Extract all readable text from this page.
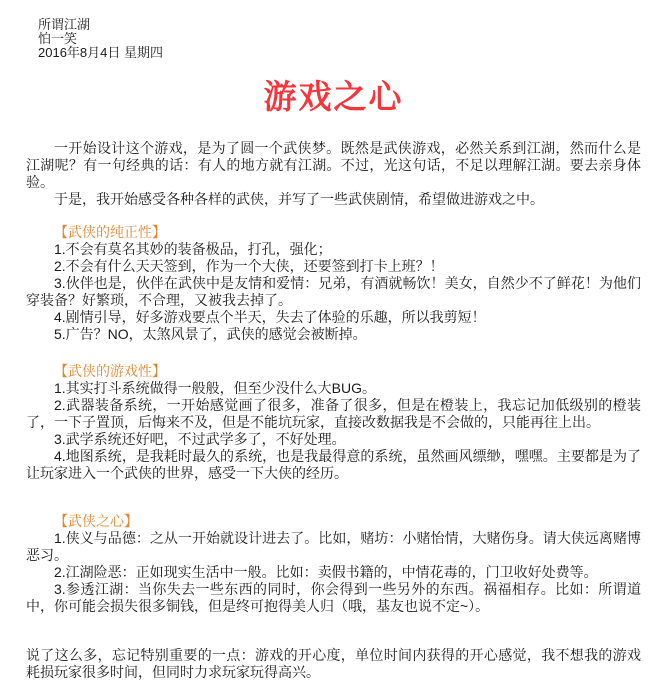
所谓江湖
怕一笑
2016年8月4日 星期四
游戏之心

一开始设计这个游戏，是为了圆一个武侠梦。既然是武侠游戏，必然关系到江湖，然而什么是江湖呢？有一句经典的话：有人的地方就有江湖。不过，光这句话，不足以理解江湖。要去亲身体验。

于是，我开始感受各种各样的武侠，并写了一些武侠剧情，希望做进游戏之中。

【武侠的纯正性】

1.不会有莫名其妙的装备极品，打孔，强化；

2.不会有什么天天签到，作为一个大侠，还要签到打卡上班？！

3.伙伴也是，伙伴在武侠中是友情和爱情：兄弟，有酒就畅饮！美女，自然少不了鲜花！为他们穿装备？好繁琐，不合理，又被我去掉了。

4.剧情引导，好多游戏要点个半天，失去了体验的乐趣，所以我剪短！

5.广告？NO，太煞风景了，武侠的感觉会被断掉。

【武侠的游戏性】

1.其实打斗系统做得一般般，但至少没什么大BUG。

2.武器装备系统，一开始感觉画了很多，准备了很多，但是在橙装上，我忘记加低级别的橙装了，一下子置顶，后悔来不及，但是不能坑玩家，直接改数据我是不会做的，只能再往上出。

3.武学系统还好吧，不过武学多了，不好处理。

4.地图系统，是我耗时最久的系统，也是我最得意的系统，虽然画风缥缈，嘿嘿。主要都是为了让玩家进入一个武侠的世界，感受一下大侠的经历。

【武侠之心】

1.侠义与品德：之从一开始就设计进去了。比如，赌坊：小赌怡情，大赌伤身。请大侠远离赌博恶习。

2.江湖险恶：正如现实生活中一般。比如：卖假书籍的，中情花毒的，门卫收好处费等。

3.参透江湖：当你失去一些东西的同时，你会得到一些另外的东西。祸福相存。比如：所谓道中，你可能会损失很多铜钱，但是终可抱得美人归（哦，基友也说不定~）。

说了这么多，忘记特别重要的一点：游戏的开心度，单位时间内获得的开心感觉，我不想我的游戏耗损玩家很多时间，但同时力求玩家玩得高兴。
